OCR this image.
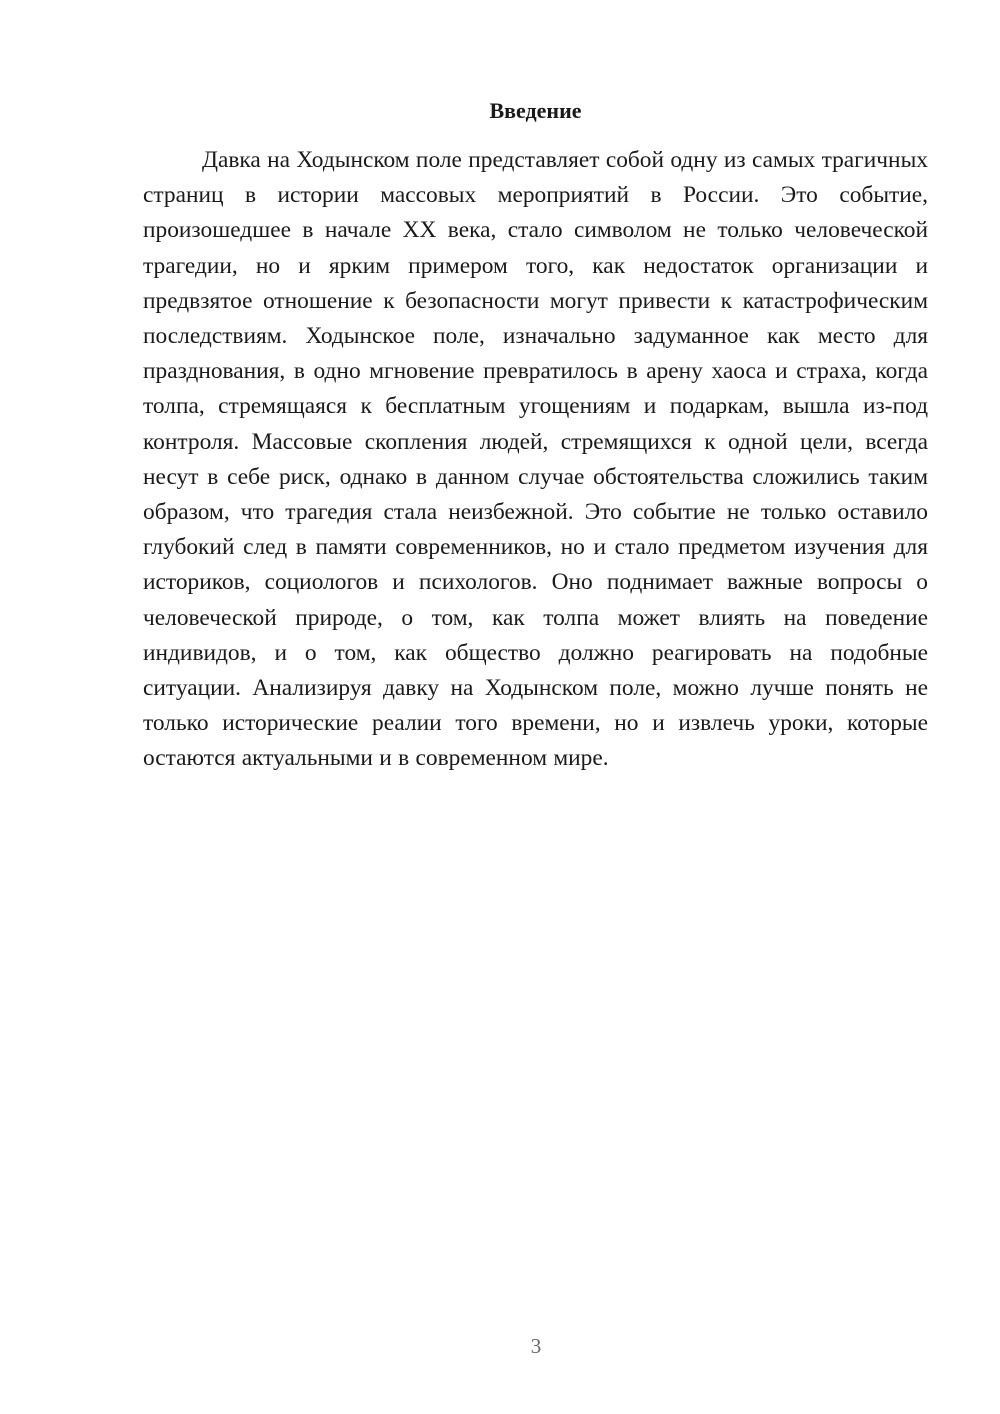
Введение

Давка на Ходынском поле представляет собой одну из самых трагичных страниц в истории массовых мероприятий в России. Это событие, произошедшее в начале XX века, стало символом не только человеческой трагедии, но и ярким примером того, как недостаток организации и предвзятое отношение к безопасности могут привести к катастрофическим последствиям. Ходынское поле, изначально задуманное как место для празднования, в одно мгновение превратилось в арену хаоса и страха, когда толпа, стремящаяся к бесплатным угощениям и подаркам, вышла из-под контроля. Массовые скопления людей, стремящихся к одной цели, всегда несут в себе риск, однако в данном случае обстоятельства сложились таким образом, что трагедия стала неизбежной. Это событие не только оставило глубокий след в памяти современников, но и стало предметом изучения для историков, социологов и психологов. Оно поднимает важные вопросы о человеческой природе, о том, как толпа может влиять на поведение индивидов, и о том, как общество должно реагировать на подобные ситуации. Анализируя давку на Ходынском поле, можно лучше понять не только исторические реалии того времени, но и извлечь уроки, которые остаются актуальными и в современном мире.

3
